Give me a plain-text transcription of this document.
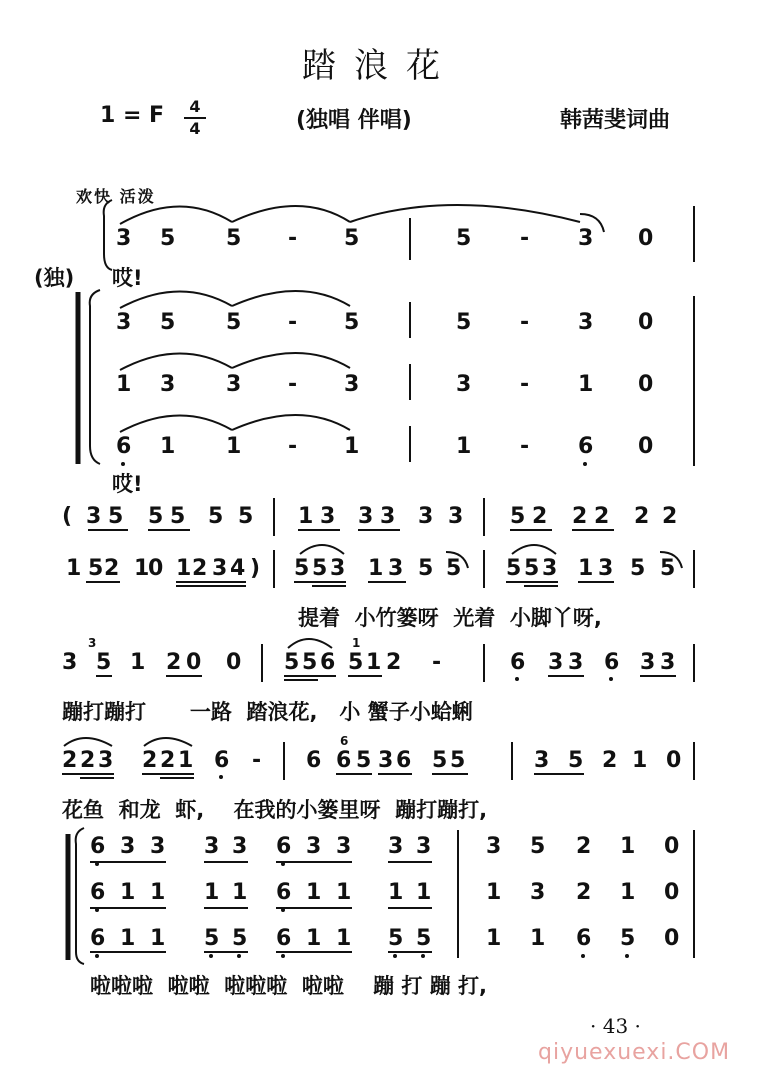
踏浪花
1 = F	4
4	(独唱 伴唱)	韩茜斐词曲
欢快 活泼
3 5 5 - 5	5 - 3 0
(独) 哎!
3 5 5 - 5	5 - 3 0
1 3 3 - 3	3 - 1 0
6 1 1 - 1	1 - 6 0
哎!
( 3 5 5 5 5 5 1 3 3 3 3 3 5 2 2 2 2 2
1 5 2 1
0 1 2 3 4 ) 5 5 3 1 3 5 5 5 5 3 1 3 5 5
提着  小竹篓呀  光着  小脚丫呀,
3 5 1 2 0 0 5 5 6 5 1 2 -	6 3 3 6 3 3
3	1
蹦打蹦打      一路  踏浪花,   小 蟹子小蛤蜊
2 2 3 2 2 1 6 - 6 6 5 3 6 5 5	3 5 2 1 0
6
花鱼  和龙  虾,    在我的小篓里呀  蹦打蹦打,
6 3 3 3 3 6 3 3 3 3 3 5 2 1 0
6 1 1 1 1 6 1 1 1 1 1 3 2 1 0
6 1 1 5 5 6 1 1 5 5 1 1 6 5 0
啦啦啦  啦啦  啦啦啦  啦啦    蹦 打 蹦 打,
· 43 ·
qiyuexuexi.COM
